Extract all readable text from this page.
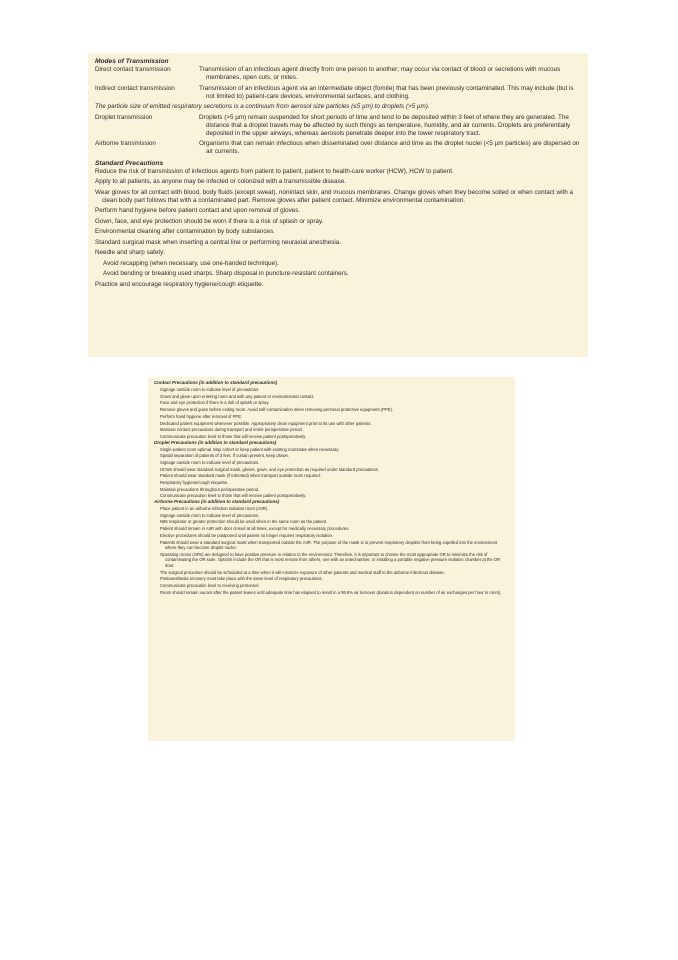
Modes of Transmission
Direct contact transmission	Transmission of an infectious agent directly from one person to another; may occur via contact of blood or secretions with mucous membranes, open cuts, or mites.
Indirect contact transmission	Transmission of an infectious agent via an intermediate object (fomite) that has been previously contaminated. This may include (but is not limited to) patient-care devices, environmental surfaces, and clothing.
The particle size of emitted respiratory secretions is a continuum from aerosol size particles (≤5 µm) to droplets (>5 µm).
Droplet transmission	Droplets (>5 µm) remain suspended for short periods of time and tend to be deposited within 3 feet of where they are generated. The distance that a droplet travels may be affected by such things as temperature, humidity, and air currents. Droplets are preferentially deposited in the upper airways, whereas aerosols penetrate deeper into the lower respiratory tract.
Airborne transmission	Organisms that can remain infectious when disseminated over distance and time as the droplet nuclei (<5 µm particles) are dispersed on air currents.
Standard Precautions
Reduce the risk of transmission of infectious agents from patient to patient, patient to health-care worker (HCW), HCW to patient.
Apply to all patients, as anyone may be infected or colonized with a transmissible disease.
Wear gloves for all contact with blood, body fluids (except sweat), nonintact skin, and mucous membranes. Change gloves when they become soiled or when contact with a clean body part follows that with a contaminated part. Remove gloves after patient contact. Minimize environmental contamination.
Perform hand hygiene before patient contact and upon removal of gloves.
Gown, face, and eye protection should be worn if there is a risk of splash or spray.
Environmental cleaning after contamination by body substances.
Standard surgical mask when inserting a central line or performing neuraxial anesthesia.
Needle and sharp safety:
Avoid recapping (when necessary, use one-handed technique).
Avoid bending or breaking used sharps. Sharp disposal in puncture-resistant containers.
Practice and encourage respiratory hygiene/cough etiquette.
Contact Precautions (in addition to standard precautions)
Signage outside room to indicate level of precautions.
Gown and glove upon entering room and with any patient or environmental contact.
Face and eye protection if there is a risk of splash or spray.
Remove gloves and gown before exiting room. Avoid self-contamination when removing personal protective equipment (PPE).
Perform hand hygiene after removal of PPE.
Dedicated patient equipment whenever possible. Appropriately clean equipment prior to its use with other patients.
Maintain contact precautions during transport and entire perioperative period.
Communicate precaution level to those that will receive patient postoperatively.
Droplet Precautions (in addition to standard precautions)
Single-patient room optimal. May cohort or keep patient with existing roommate when necessary.
Spatial separation of patients of 3 feet. If curtain present, keep drawn.
Signage outside room to indicate level of precautions.
HCWs should wear standard surgical mask, gloves, gown, and eye protection as required under standard precautions.
Patient should wear standard mask (if tolerated) when transport outside room required.
Respiratory hygiene/cough etiquette.
Maintain precautions throughout perioperative period.
Communicate precaution level to those that will receive patient postoperatively.
Airborne Precautions (in addition to standard precautions)
Place patient in an airborne infection isolation room (AIIR).
Signage outside room to indicate level of precautions.
N95 respirator or greater protection should be used when in the same room as the patient.
Patient should remain in AIIR with door closed at all times, except for medically necessary procedures.
Elective procedures should be postponed until patient no longer requires respiratory isolation.
Patients should wear a standard surgical mask when transported outside the AIIR. The purpose of the mask is to prevent respiratory droplets from being expelled into the environment where they can become droplet nuclei.
Operating rooms (ORs) are designed to have positive pressure in relation to the environment. Therefore, it is important to choose the most appropriate OR to minimize the risk of contaminating the OR suite. Options include the OR that is most remote from others, one with an antechamber, or installing a portable negative pressure isolation chamber at the OR door.
The surgical procedure should be scheduled at a time when it will minimize exposure of other patients and medical staff to the airborne infectious disease.
Postanesthesia recovery must take place with the same level of respiratory precautions.
Communicate precaution level to receiving personnel.
Room should remain vacant after the patient leaves until adequate time has elapsed to result in a 99.9% air turnover (duration dependent on number of air exchanges per hour in room).
